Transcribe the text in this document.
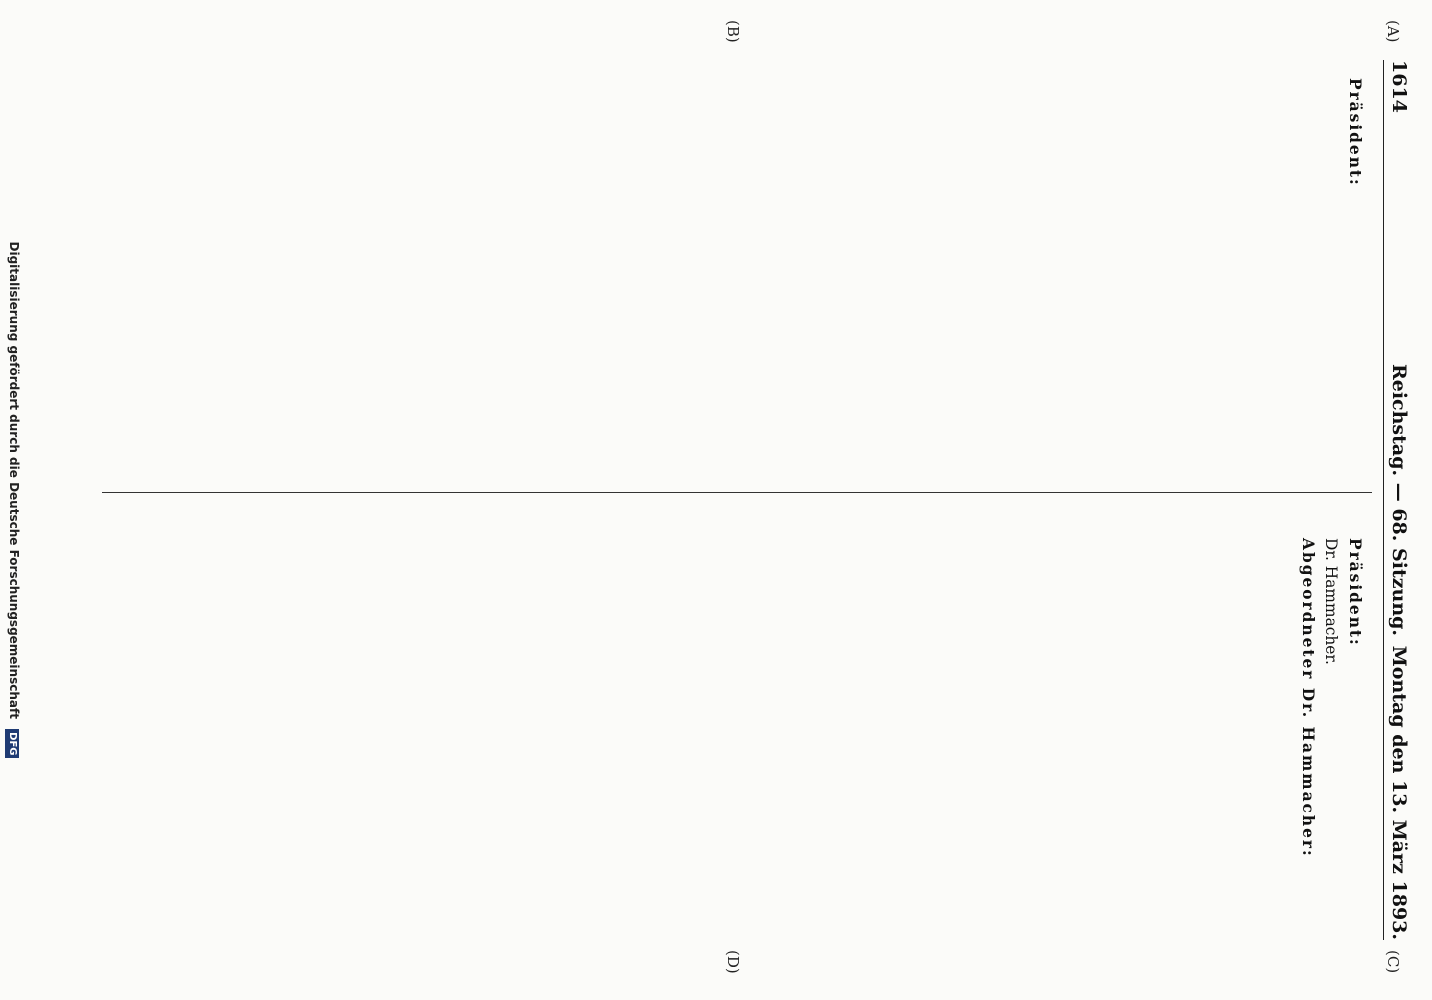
1614
Reichstag. — 68. Sitzung.
Montag den 13. März 1893.
(A)
(B)
(C)
(D)

Präsident:

Präsident:

Dr. Hammacher.

Abgeordneter Dr. Hammacher:

Digitalisierung gefördert durch die Deutsche Forschungsgemeinschaft DFG
